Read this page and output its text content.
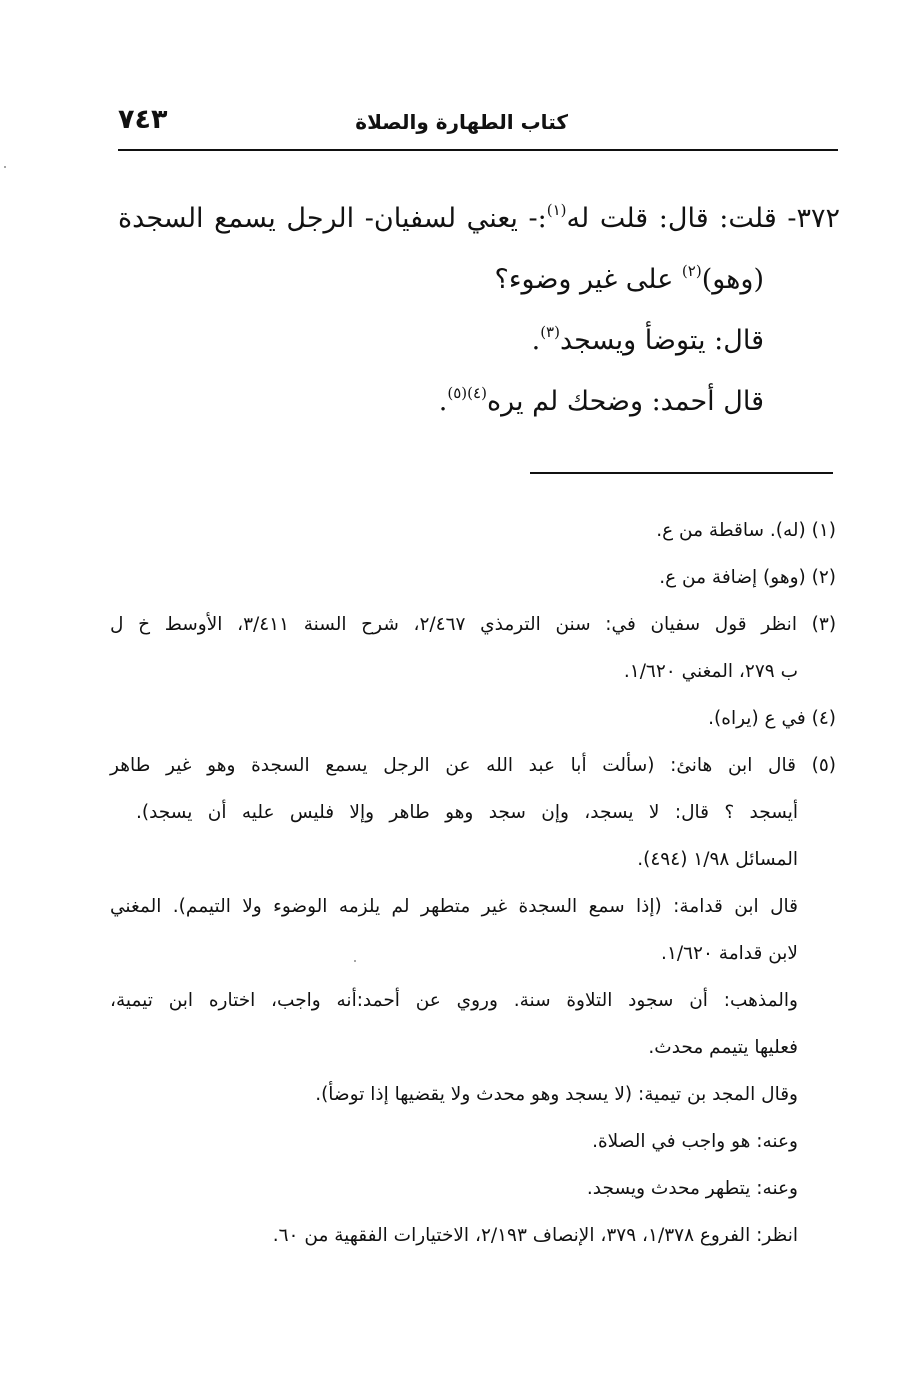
كتاب الطهارة والصلاة
٧٤٣
٣٧٢- قلت: قال: قلت له$^{(١)}$:- يعني لسفيان- الرجل يسمع السجدة
(وهو)$^{(٢)}$ على غير وضوء؟
قال: يتوضأ ويسجد$^{(٣)}$.
قال أحمد: وضحك لم يره$^{(٤)(٥)}$.
(١) (له). ساقطة من ع.
(٢) (وهو) إضافة من ع.
(٣) انظر قول سفيان في: سنن الترمذي ٢/٤٦٧، شرح السنة ٣/٤١١، الأوسط خ ل
ب ٢٧٩، المغني ١/٦٢٠.
(٤) في ع (يراه).
(٥) قال ابن هانئ: (سألت أبا عبد الله عن الرجل يسمع السجدة وهو غير طاهر
أيسجد ؟ قال: لا يسجد، وإن سجد وهو طاهر وإلا فليس عليه أن يسجد).
المسائل ١/٩٨ (٤٩٤).
قال ابن قدامة: (إذا سمع السجدة غير متطهر لم يلزمه الوضوء ولا التيمم). المغني
لابن قدامة ١/٦٢٠.
والمذهب: أن سجود التلاوة سنة. وروي عن أحمد:أنه واجب، اختاره ابن تيمية،
فعليها يتيمم محدث.
وقال المجد بن تيمية: (لا يسجد وهو محدث ولا يقضيها إذا توضأ).
وعنه: هو واجب في الصلاة.
وعنه: يتطهر محدث ويسجد.
انظر: الفروع ١/٣٧٨، ٣٧٩، الإنصاف ٢/١٩٣، الاختيارات الفقهية من ٦٠.
